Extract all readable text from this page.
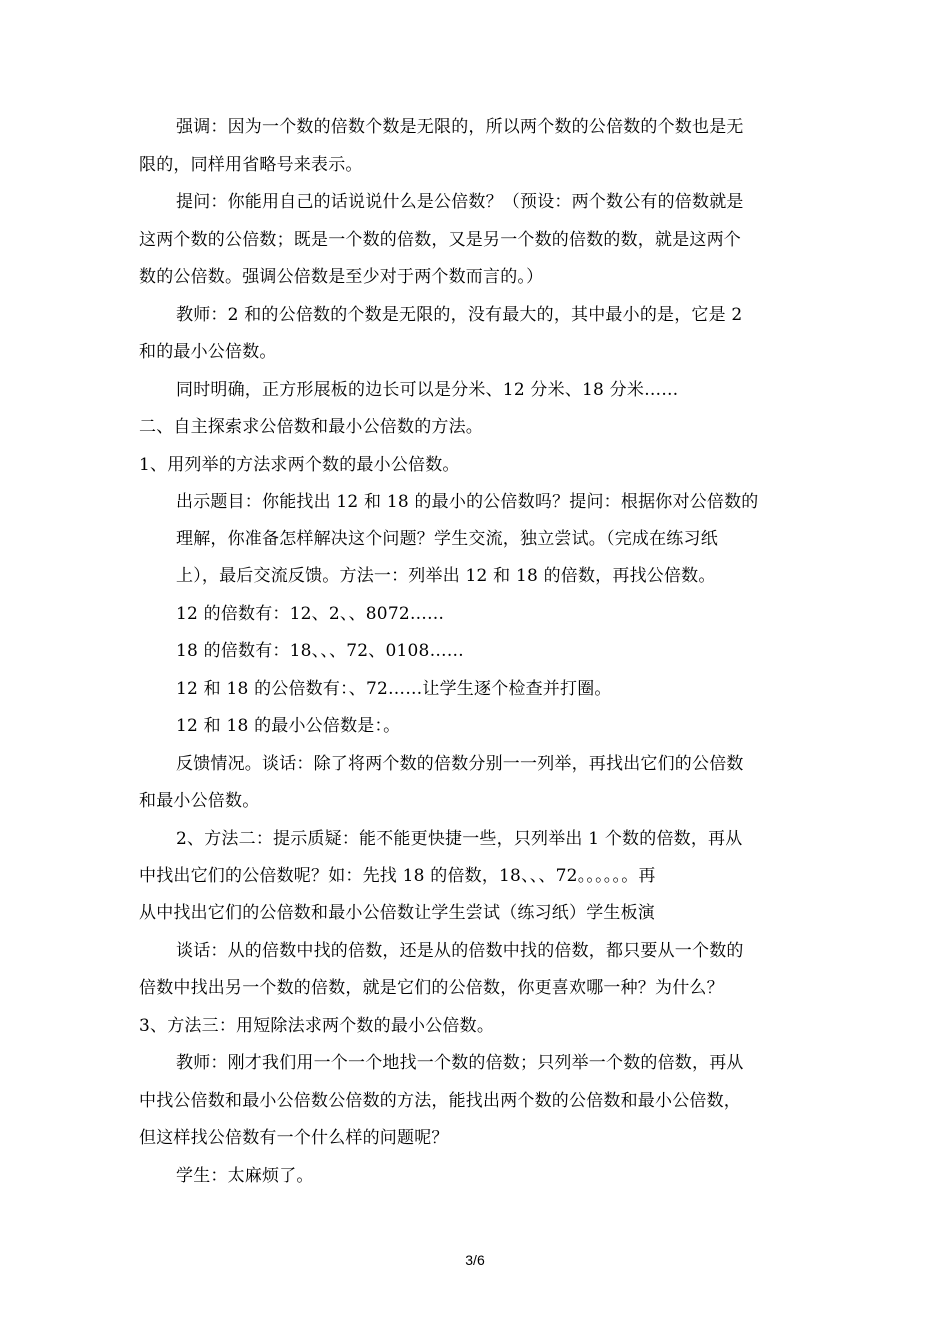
强调：因为一个数的倍数个数是无限的，所以两个数的公倍数的个数也是无
限的，同样用省略号来表示。
提问：你能用自己的话说说什么是公倍数？（预设：两个数公有的倍数就是
这两个数的公倍数；既是一个数的倍数，又是另一个数的倍数的数，就是这两个
数的公倍数。强调公倍数是至少对于两个数而言的。）
教师：2 和的公倍数的个数是无限的，没有最大的，其中最小的是，它是 2
和的最小公倍数。
同时明确，正方形展板的边长可以是分米、12 分米、18 分米……
二、自主探索求公倍数和最小公倍数的方法。
1、用列举的方法求两个数的最小公倍数。
出示题目：你能找出 12 和 18 的最小的公倍数吗？提问：根据你对公倍数的
理解，你准备怎样解决这个问题？学生交流，独立尝试。（完成在练习纸
上），最后交流反馈。方法一：列举出 12 和 18 的倍数，再找公倍数。
12 的倍数有：12、2、、8072……
18 的倍数有：18、、、72、0108……
12 和 18 的公倍数有：、72……让学生逐个检查并打圈。
12 和 18 的最小公倍数是：。
反馈情况。谈话：除了将两个数的倍数分别一一列举，再找出它们的公倍数
和最小公倍数。
2、方法二：提示质疑：能不能更快捷一些，只列举出 1 个数的倍数，再从
中找出它们的公倍数呢？如：先找 18 的倍数，18、、、72。。。。。。再
从中找出它们的公倍数和最小公倍数让学生尝试（练习纸）学生板演
谈话：从的倍数中找的倍数，还是从的倍数中找的倍数，都只要从一个数的
倍数中找出另一个数的倍数，就是它们的公倍数，你更喜欢哪一种？为什么？
3、方法三：用短除法求两个数的最小公倍数。
教师：刚才我们用一个一个地找一个数的倍数；只列举一个数的倍数，再从
中找公倍数和最小公倍数公倍数的方法，能找出两个数的公倍数和最小公倍数，
但这样找公倍数有一个什么样的问题呢？
学生：太麻烦了。
3/6
